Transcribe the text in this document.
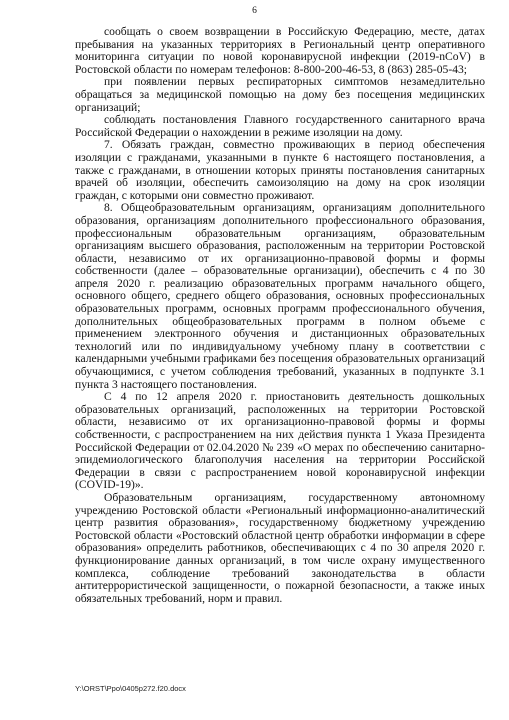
6

сообщать о своем возвращении в Российскую Федерацию, месте, датах пребывания на указанных территориях в Региональный центр оперативного мониторинга ситуации по новой коронавирусной инфекции (2019-nCoV) в Ростовской области по номерам телефонов: 8-800-200-46-53, 8 (863) 285-05-43;

при появлении первых респираторных симптомов незамедлительно обращаться за медицинской помощью на дому без посещения медицинских организаций;

соблюдать постановления Главного государственного санитарного врача Российской Федерации о нахождении в режиме изоляции на дому.

7. Обязать граждан, совместно проживающих в период обеспечения изоляции с гражданами, указанными в пункте 6 настоящего постановления, а также с гражданами, в отношении которых приняты постановления санитарных врачей об изоляции, обеспечить самоизоляцию на дому на срок изоляции граждан, с которыми они совместно проживают.

8. Общеобразовательным организациям, организациям дополнительного образования, организациям дополнительного профессионального образования, профессиональным образовательным организациям, образовательным организациям высшего образования, расположенным на территории Ростовской области, независимо от их организационно-правовой формы и формы собственности (далее – образовательные организации), обеспечить с 4 по 30 апреля 2020 г. реализацию образовательных программ начального общего, основного общего, среднего общего образования, основных профессиональных образовательных программ, основных программ профессионального обучения, дополнительных общеобразовательных программ в полном объеме с применением электронного обучения и дистанционных образовательных технологий или по индивидуальному учебному плану в соответствии с календарными учебными графиками без посещения образовательных организаций обучающимися, с учетом соблюдения требований, указанных в подпункте 3.1 пункта 3 настоящего постановления.

С 4 по 12 апреля 2020 г. приостановить деятельность дошкольных образовательных организаций, расположенных на территории Ростовской области, независимо от их организационно-правовой формы и формы собственности, с распространением на них действия пункта 1 Указа Президента Российской Федерации от 02.04.2020 № 239 «О мерах по обеспечению санитарно-эпидемиологического благополучия населения на территории Российской Федерации в связи с распространением новой коронавирусной инфекции (COVID-19)».

Образовательным организациям, государственному автономному учреждению Ростовской области «Региональный информационно-аналитический центр развития образования», государственному бюджетному учреждению Ростовской области «Ростовский областной центр обработки информации в сфере образования» определить работников, обеспечивающих с 4 по 30 апреля 2020 г. функционирование данных организаций, в том числе охрану имущественного комплекса, соблюдение требований законодательства в области антитеррористической защищенности, о пожарной безопасности, а также иных обязательных требований, норм и правил.

Y:\ORST\Ppo\0405p272.f20.docx
